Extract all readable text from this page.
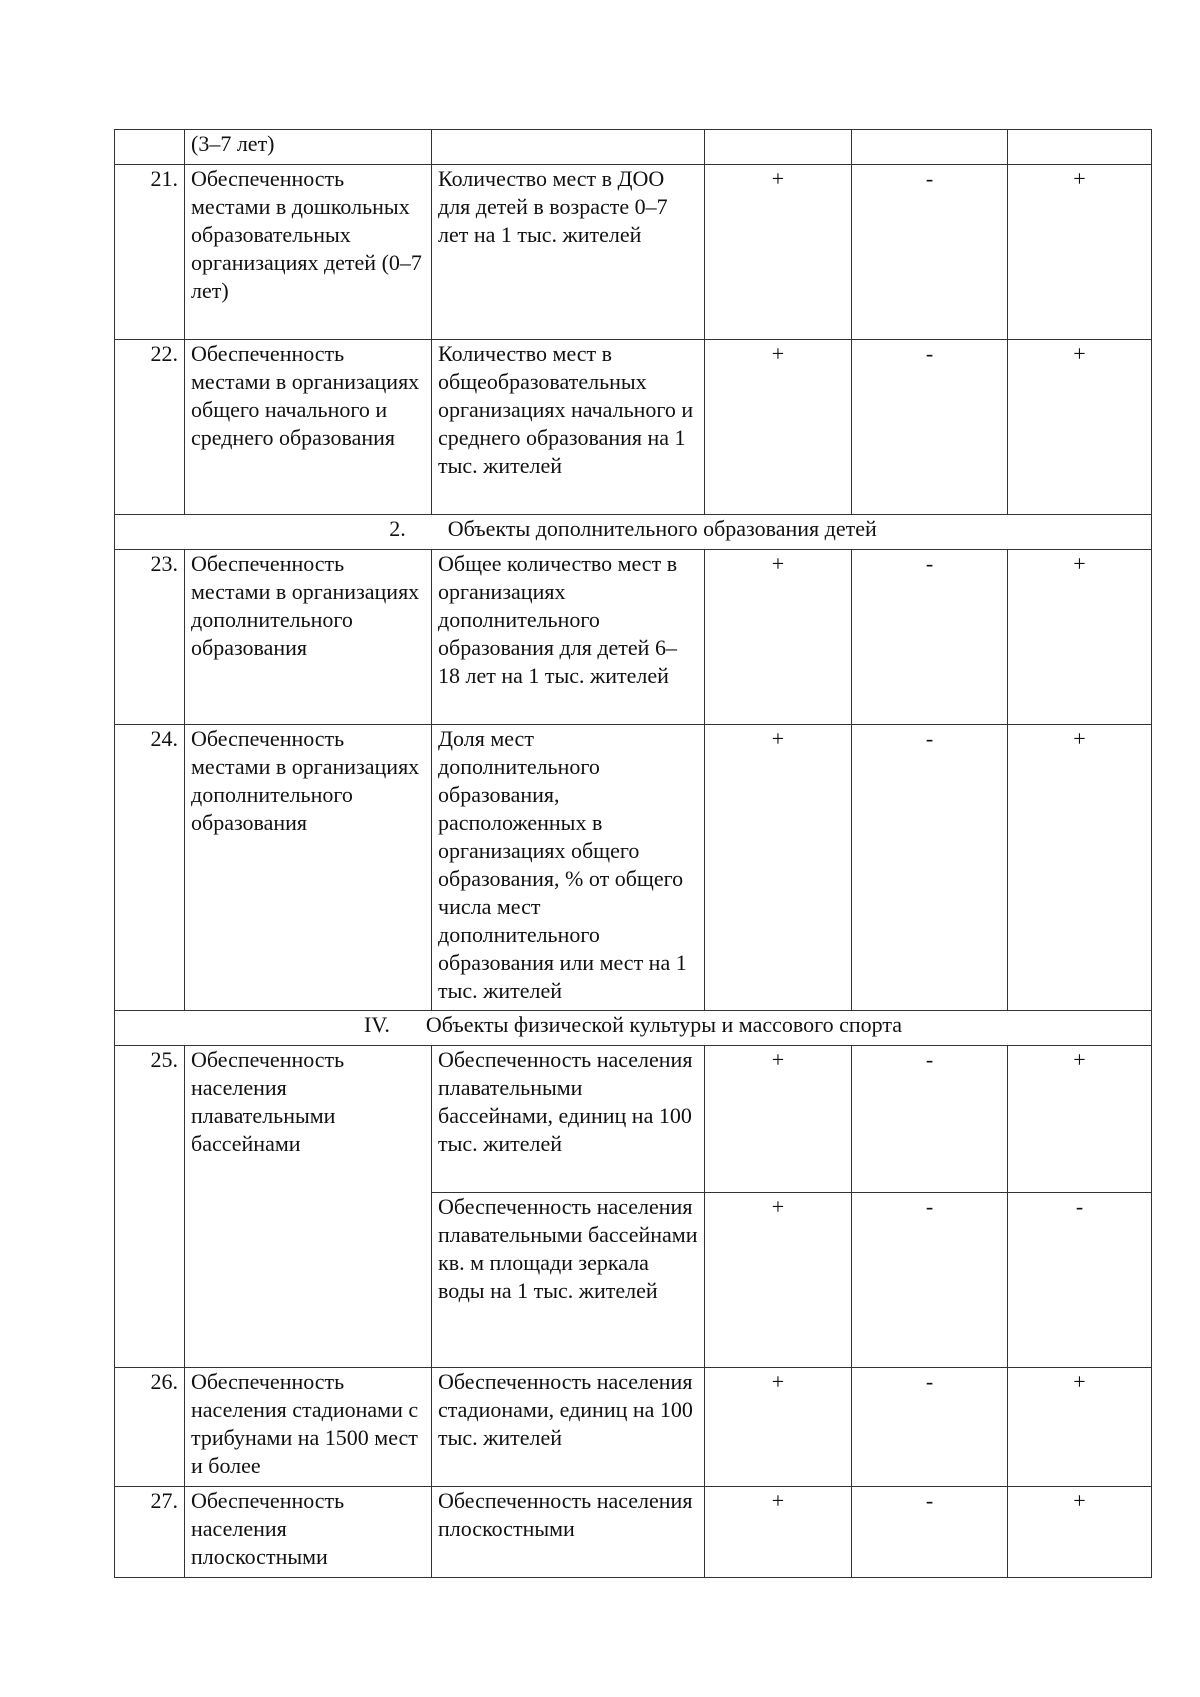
	(3–7 лет)				
21.	Обеспеченность местами в дошкольных образовательных организациях детей (0–7 лет)	Количество мест в ДОО для детей в возрасте 0–7 лет на 1 тыс. жителей	+	-	+
22.	Обеспеченность местами в организациях общего начального и среднего образования	Количество мест в общеобразовательных организациях начального и среднего образования на 1 тыс. жителей	+	-	+
2. Объекты дополнительного образования детей					
23.	Обеспеченность местами в организациях дополнительного образования	Общее количество мест в организациях дополнительного образования для детей 6–18 лет на 1 тыс. жителей	+	-	+
24.	Обеспеченность местами в организациях дополнительного образования	Доля мест дополнительного образования, расположенных в организациях общего образования, % от общего числа мест дополнительного образования или мест на 1 тыс. жителей	+	-	+
IV. Объекты физической культуры и массового спорта					
25.	Обеспеченность населения плавательными бассейнами	Обеспеченность населения плавательными бассейнами, единиц на 100 тыс. жителей	+	-	+
		Обеспеченность населения плавательными бассейнами кв. м площади зеркала воды на 1 тыс. жителей	+	-	-
26.	Обеспеченность населения стадионами с трибунами на 1500 мест и более	Обеспеченность населения стадионами, единиц на 100 тыс. жителей	+	-	+
27.	Обеспеченность населения плоскостными	Обеспеченность населения плоскостными	+	-	+
